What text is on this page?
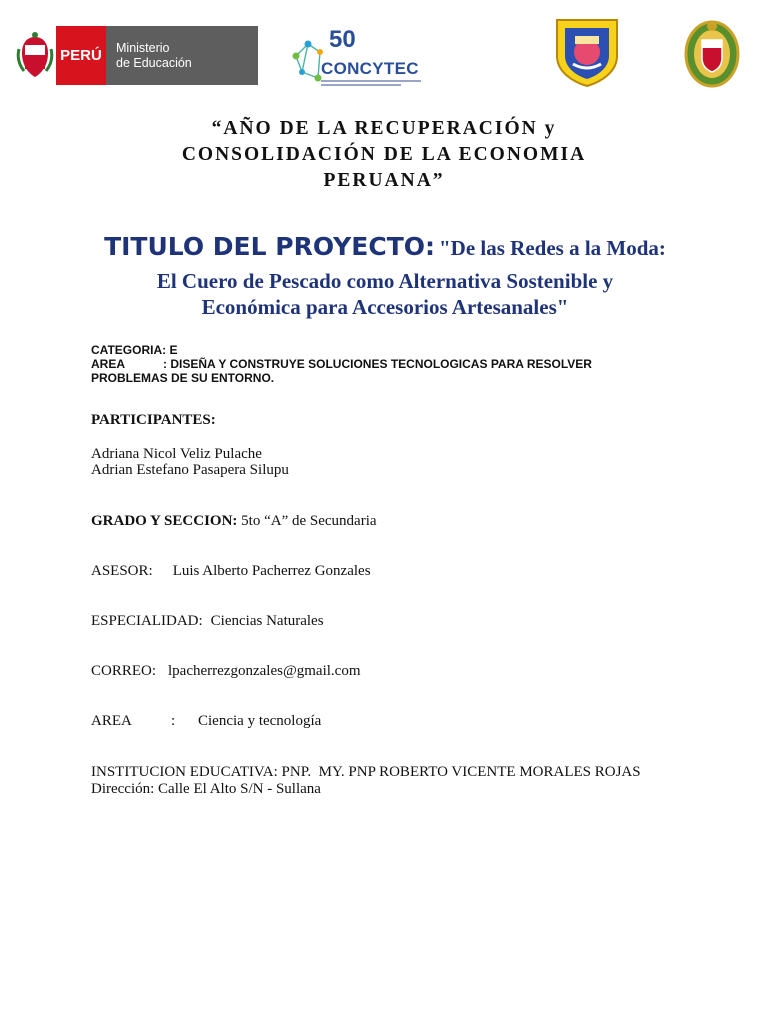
PERÚ	Ministerio
de Educación
50
CONCYTEC
“AÑO DE LA RECUPERACIÓN y
CONSOLIDACIÓN DE LA ECONOMIA
PERUANA”
TITULO DEL PROYECTO: "De las Redes a la Moda:
El Cuero de Pescado como Alternativa Sostenible y
Económica para Accesorios Artesanales"
CATEGORIA: E
AREA	: DISEÑA Y CONSTRUYE SOLUCIONES TECNOLOGICAS PARA RESOLVER
PROBLEMAS DE SU ENTORNO.
PARTICIPANTES:
Adriana Nicol Veliz Pulache
Adrian Estefano Pasapera Silupu
GRADO Y SECCION: 5to “A” de Secundaria
ASESOR: Luis Alberto Pacherrez Gonzales
ESPECIALIDAD: Ciencias Naturales
CORREO: lpacherrezgonzales@gmail.com
AREA	: Ciencia y tecnología
INSTITUCION EDUCATIVA: PNP.  MY. PNP ROBERTO VICENTE MORALES ROJAS
Dirección: Calle El Alto S/N - Sullana
